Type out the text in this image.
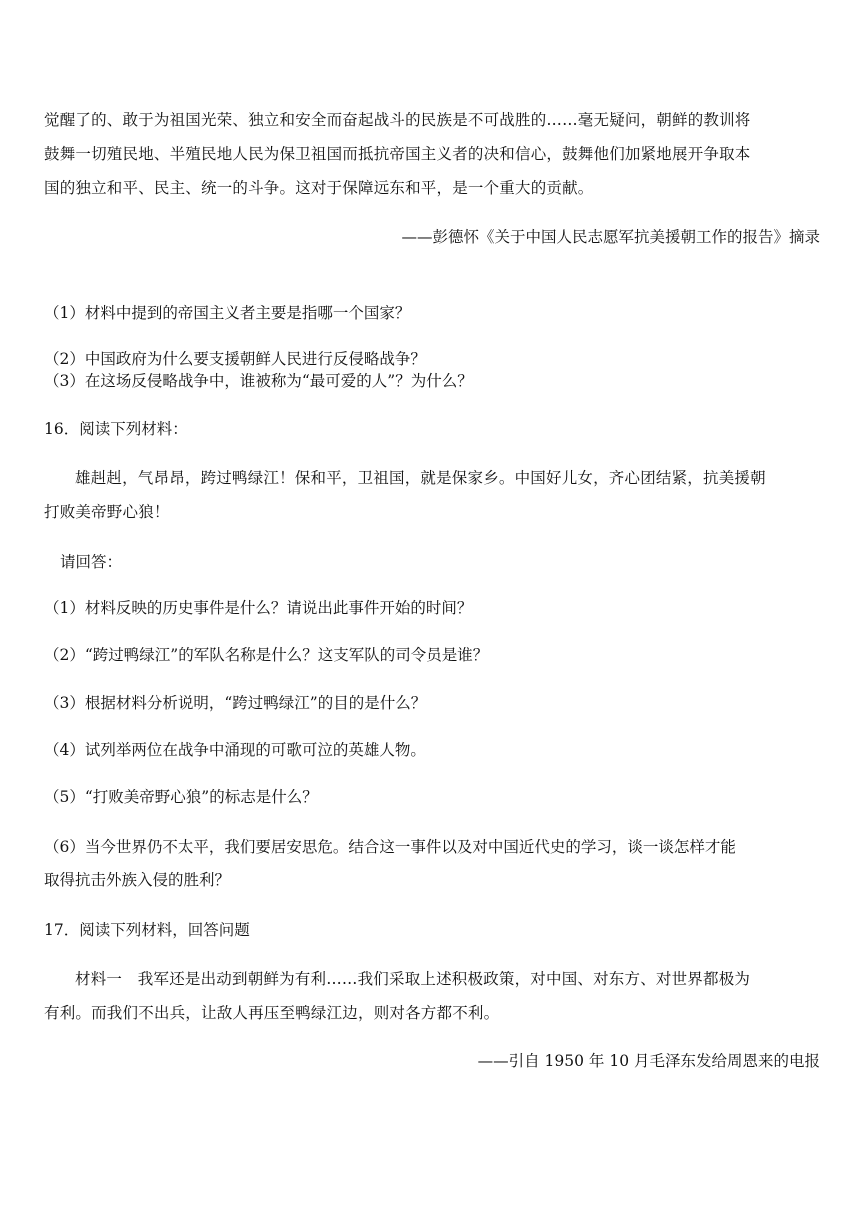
觉醒了的、敢于为祖国光荣、独立和安全而奋起战斗的民族是不可战胜的……毫无疑问，朝鲜的教训将
鼓舞一切殖民地、半殖民地人民为保卫祖国而抵抗帝国主义者的决和信心，鼓舞他们加紧地展开争取本
国的独立和平、民主、统一的斗争。这对于保障远东和平，是一个重大的贡献。
——彭德怀《关于中国人民志愿军抗美援朝工作的报告》摘录
（1）材料中提到的帝国主义者主要是指哪一个国家？
（2）中国政府为什么要支援朝鲜人民进行反侵略战争？
（3）在这场反侵略战争中，谁被称为“最可爱的人”？为什么？
16．阅读下列材料：
雄赳赳，气昂昂，跨过鸭绿江！保和平，卫祖国，就是保家乡。中国好儿女，齐心团结紧，抗美援朝
打败美帝野心狼！
请回答：
（1）材料反映的历史事件是什么？请说出此事件开始的时间？
（2）“跨过鸭绿江”的军队名称是什么？这支军队的司令员是谁？
（3）根据材料分析说明，“跨过鸭绿江”的目的是什么？
（4）试列举两位在战争中涌现的可歌可泣的英雄人物。
（5）“打败美帝野心狼”的标志是什么？
（6）当今世界仍不太平，我们要居安思危。结合这一事件以及对中国近代史的学习，谈一谈怎样才能
取得抗击外族入侵的胜利？
17．阅读下列材料，回答问题
材料一　我军还是出动到朝鲜为有利……我们采取上述积极政策，对中国、对东方、对世界都极为
有利。而我们不出兵，让敌人再压至鸭绿江边，则对各方都不利。
——引自 1950 年 10 月毛泽东发给周恩来的电报
